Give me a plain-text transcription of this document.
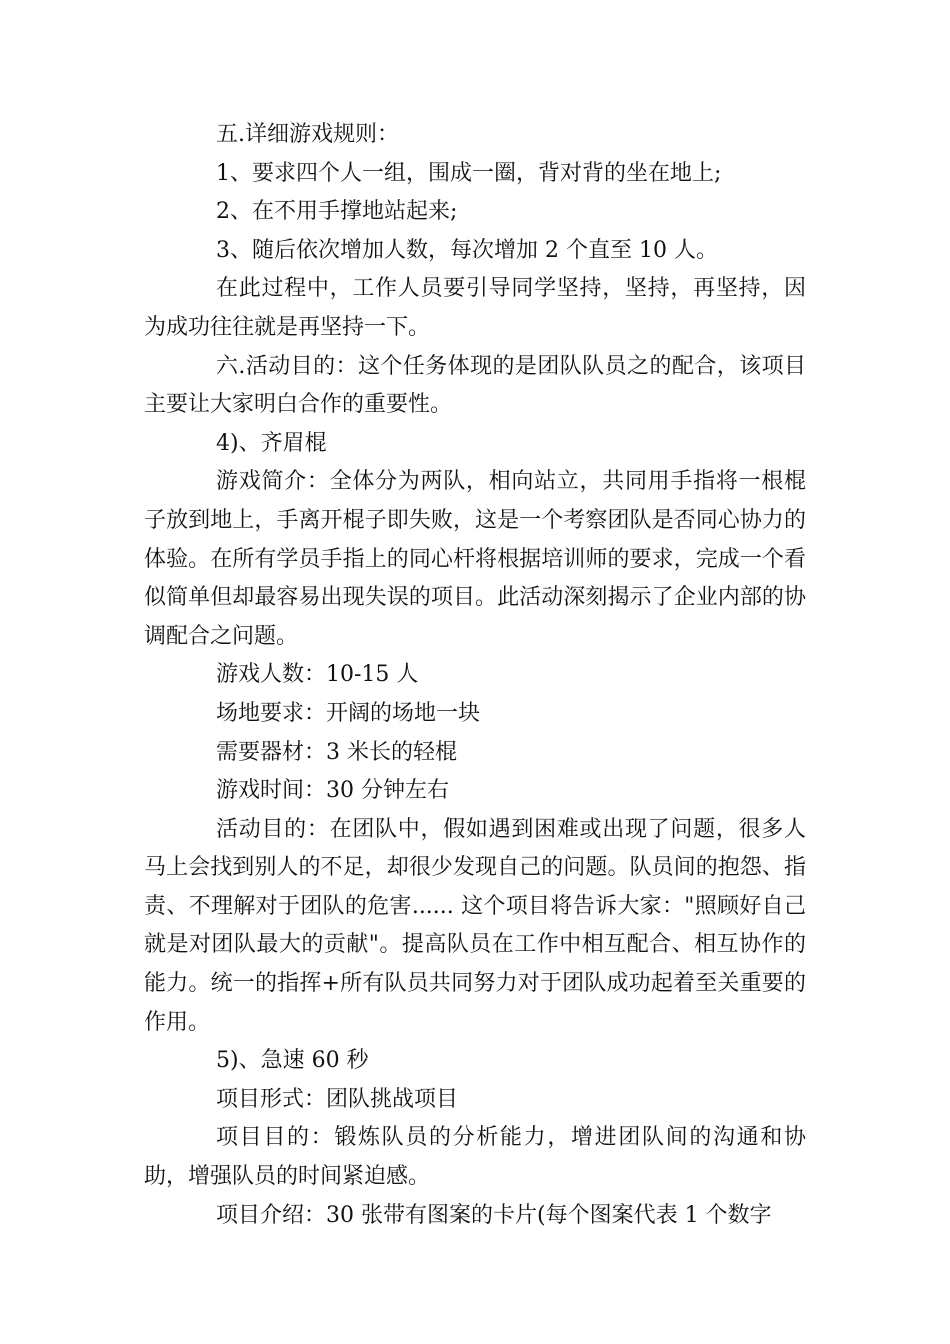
五.详细游戏规则：

1、要求四个人一组，围成一圈，背对背的坐在地上;

2、在不用手撑地站起来;

3、随后依次增加人数，每次增加 2 个直至 10 人。

在此过程中，工作人员要引导同学坚持，坚持，再坚持，因为成功往往就是再坚持一下。

六.活动目的：这个任务体现的是团队队员之的配合，该项目主要让大家明白合作的重要性。

4)、齐眉棍

游戏简介：全体分为两队，相向站立，共同用手指将一根棍子放到地上，手离开棍子即失败，这是一个考察团队是否同心协力的体验。在所有学员手指上的同心杆将根据培训师的要求，完成一个看似简单但却最容易出现失误的项目。此活动深刻揭示了企业内部的协调配合之问题。

游戏人数：10-15 人

场地要求：开阔的场地一块

需要器材：3 米长的轻棍

游戏时间：30 分钟左右

活动目的：在团队中，假如遇到困难或出现了问题，很多人马上会找到别人的不足，却很少发现自己的问题。队员间的抱怨、指责、不理解对于团队的危害...... 这个项目将告诉大家："照顾好自己就是对团队最大的贡献"。提高队员在工作中相互配合、相互协作的能力。统一的指挥+所有队员共同努力对于团队成功起着至关重要的作用。

5)、急速 60 秒

项目形式：团队挑战项目

项目目的：锻炼队员的分析能力，增进团队间的沟通和协助，增强队员的时间紧迫感。

项目介绍：30 张带有图案的卡片(每个图案代表 1 个数字
